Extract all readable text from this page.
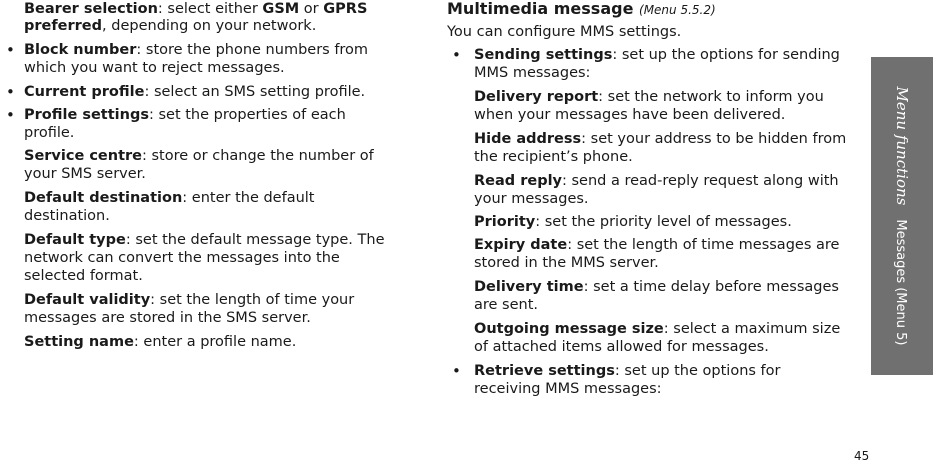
Bearer selection: select either GSM or GPRS
preferred, depending on your network.
• Block number: store the phone numbers from
which you want to reject messages.
• Current profile: select an SMS setting profile.
• Profile settings: set the properties of each
profile.
Service centre: store or change the number of
your SMS server.
Default destination: enter the default
destination.
Default type: set the default message type. The
network can convert the messages into the
selected format.
Default validity: set the length of time your
messages are stored in the SMS server.
Setting name: enter a profile name.
Multimedia message (Menu 5.5.2)
You can configure MMS settings.
• Sending settings: set up the options for sending
MMS messages:
Delivery report: set the network to inform you
when your messages have been delivered.
Hide address: set your address to be hidden from
the recipient’s phone.
Read reply: send a read-reply request along with
your messages.
Priority: set the priority level of messages.
Expiry date: set the length of time messages are
stored in the MMS server.
Delivery time: set a time delay before messages
are sent.
Outgoing message size: select a maximum size
of attached items allowed for messages.
• Retrieve settings: set up the options for
receiving MMS messages:
Menu functionsMessages (Menu 5)
45
